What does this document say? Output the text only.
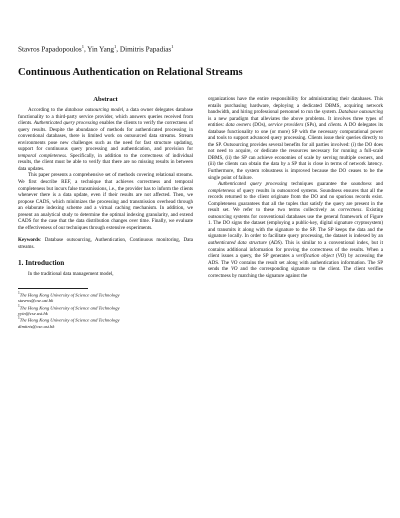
Stavros Papadopoulos$^1$, Yin Yang$^1$, Dimitris Papadias$^1$
Continuous Authentication on Relational Streams
Abstract

According to the database outsourcing model, a data owner delegates database functionality to a third-party service provider, which answers queries received from clients. Authenticated query processing enables the clients to verify the correctness of query results. Despite the abundance of methods for authenticated processing in conventional databases, there is limited work on outsourced data streams. Stream environments pose new challenges such as the need for fast structure updating, support for continuous query processing and authentication, and provision for temporal completeness. Specifically, in addition to the correctness of individual results, the client must be able to verify that there are no missing results in between data updates.

This paper presents a comprehensive set of methods covering relational streams. We first describe REF, a technique that achieves correctness and temporal completeness but incurs false transmissions, i.e., the provider has to inform the clients whenever there is a data update, even if their results are not affected. Then, we propose CADS, which minimizes the processing and transmission overhead through an elaborate indexing scheme and a virtual caching mechanism. In addition, we present an analytical study to determine the optimal indexing granularity, and extend CADS for the case that the data distribution changes over time. Finally, we evaluate the effectiveness of our techniques through extensive experiments.

Keywords: Database outsourcing, Authentication, Continuous monitoring, Data streams.

1. Introduction
In the traditional data management model,
$^1$The Hong Kong University of Science and Technology
stavros@cse.ust.hk
$^1$The Hong Kong University of Science and Technology
yyin@cse.ust.hk
$^1$The Hong Kong University of Science and Technology
dimitris@cse.ust.hk

organizations have the entire responsibility for administrating their databases. This entails purchasing hardware, deploying a dedicated DBMS, acquiring network bandwidth, and hiring professional personnel to run the system. Database outsourcing is a new paradigm that alleviates the above problems. It involves three types of entities: data owners (DOs), service providers (SPs), and clients. A DO delegates its database functionality to one (or more) SP with the necessary computational power and tools to support advanced query processing. Clients issue their queries directly to the SP. Outsourcing provides several benefits for all parties involved: (i) the DO does not need to acquire, or dedicate the resources necessary for running a full-scale DBMS, (ii) the SP can achieve economies of scale by serving multiple owners, and (iii) the clients can obtain the data by a SP that is close in terms of network latency. Furthermore, the system robustness is improved because the DO ceases to be the single point of failure.

Authenticated query processing techniques guarantee the soundness and completeness of query results in outsourced systems. Soundness ensures that all the records returned to the client originate from the DO and no spurious records exist. Completeness guarantees that all the tuples that satisfy the query are present in the result set. We refer to these two terms collectively as correctness. Existing outsourcing systems for conventional databases use the general framework of Figure 1. The DO signs the dataset (employing a public-key, digital signature cryptosystem) and transmits it along with the signature to the SP. The SP keeps the data and the signature locally. In order to facilitate query processing, the dataset is indexed by an authenticated data structure (ADS). This is similar to a conventional index, but it contains additional information for proving the correctness of the results. When a client issues a query, the SP generates a verification object (VO) by accessing the ADS. The VO contains the result set along with authentication information. The SP sends the VO and the corresponding signature to the client. The client verifies correctness by matching the signature against the
